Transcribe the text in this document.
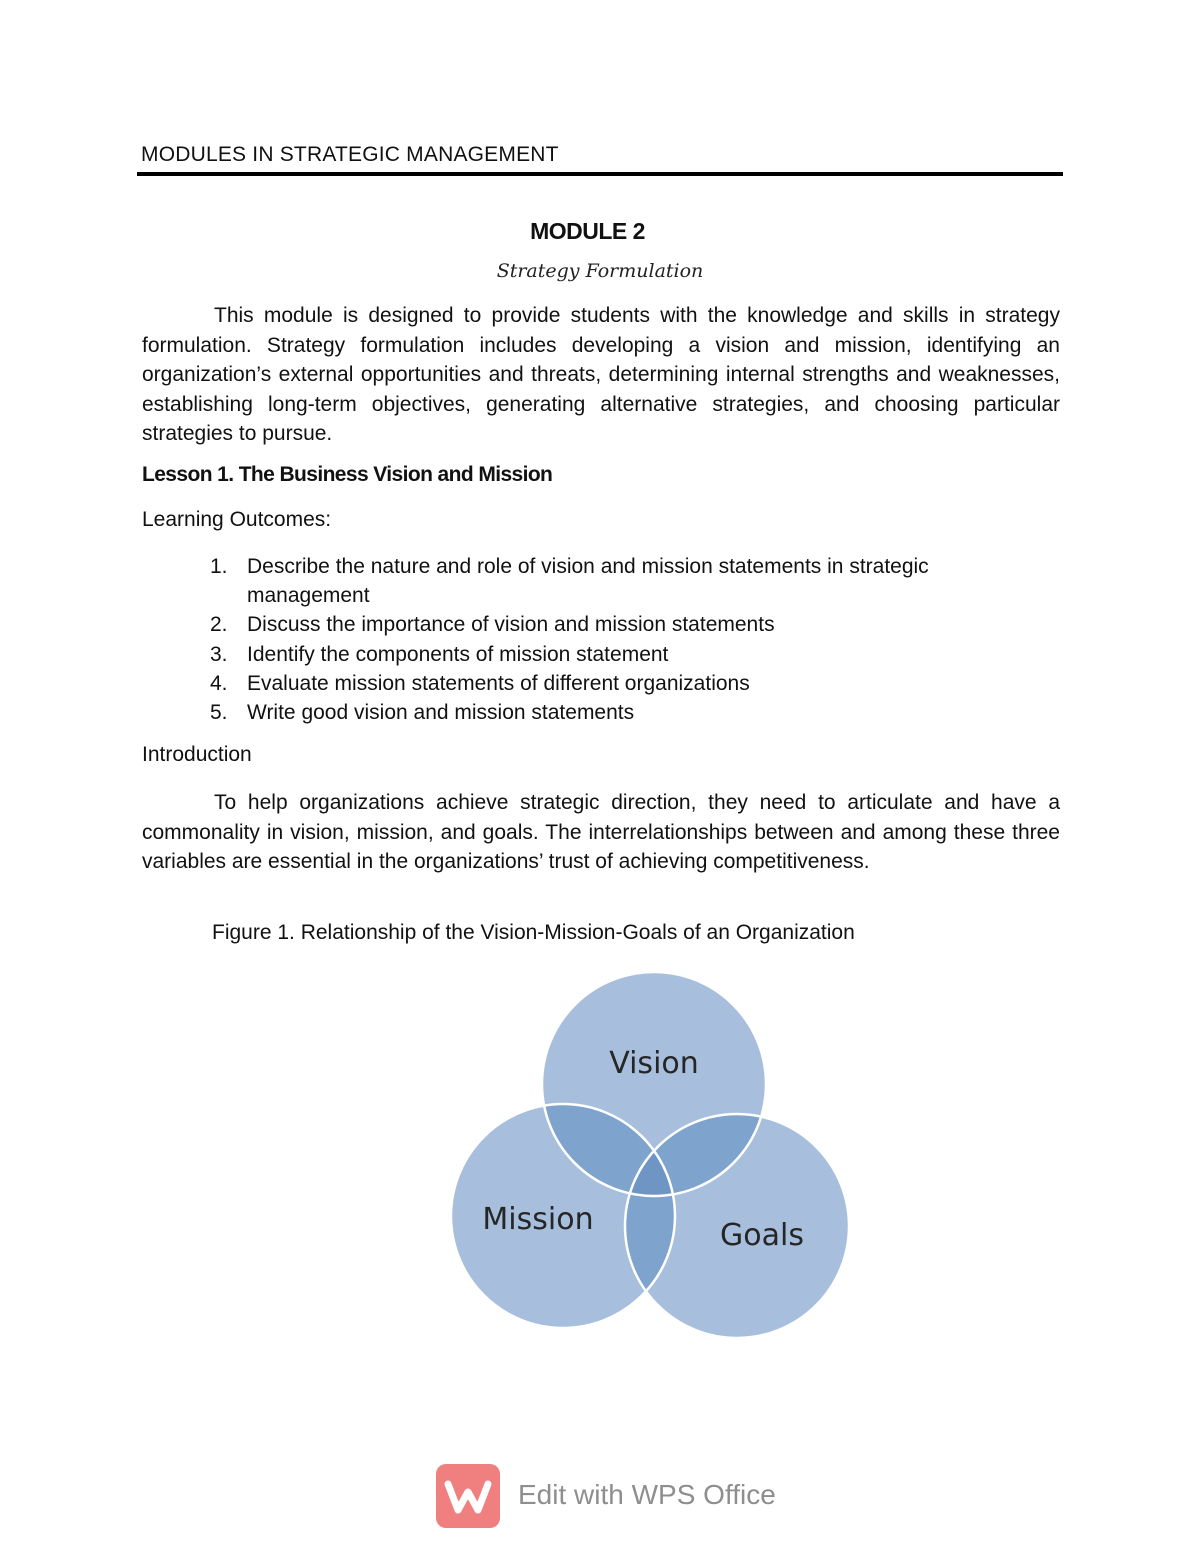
MODULES IN STRATEGIC MANAGEMENT
MODULE 2
Strategy Formulation

This module is designed to provide students with the knowledge and skills in strategy formulation. Strategy formulation includes developing a vision and mission, identifying an organization’s external opportunities and threats, determining internal strengths and weaknesses, establishing long-term objectives, generating alternative strategies, and choosing particular strategies to pursue.

Lesson 1. The Business Vision and Mission
Learning Outcomes:
1. Describe the nature and role of vision and mission statements in strategic management
2. Discuss the importance of vision and mission statements
3. Identify the components of mission statement
4. Evaluate mission statements of different organizations
5. Write good vision and mission statements
Introduction

To help organizations achieve strategic direction, they need to articulate and have a commonality in vision, mission, and goals. The interrelationships between and among these three variables are essential in the organizations’ trust of achieving competitiveness.

Figure 1. Relationship of the Vision-Mission-Goals of an Organization
Vision
Mission	Goals
Edit with WPS Office
